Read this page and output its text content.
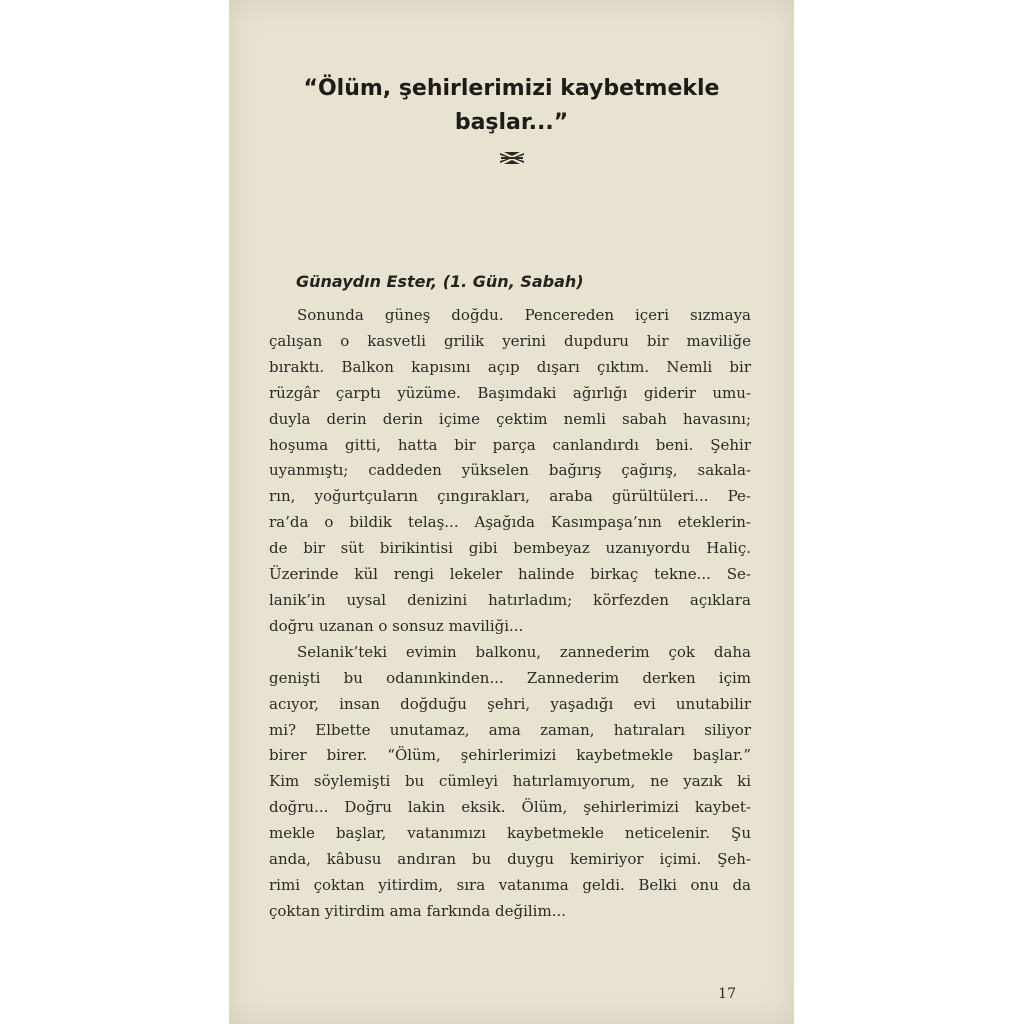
“Ölüm, şehirlerimizi kaybetmekle
başlar...”
Günaydın Ester, (1. Gün, Sabah)
Sonunda güneş doğdu. Pencereden içeri sızmaya
çalışan o kasvetli grilik yerini dupduru bir maviliğe
bıraktı. Balkon kapısını açıp dışarı çıktım. Nemli bir
rüzgâr çarptı yüzüme. Başımdaki ağırlığı giderir umu-
duyla derin derin içime çektim nemli sabah havasını;
hoşuma gitti, hatta bir parça canlandırdı beni. Şehir
uyanmıştı; caddeden yükselen bağırış çağırış, sakala-
rın, yoğurtçuların çıngırakları, araba gürültüleri... Pe-
ra’da o bildik telaş... Aşağıda Kasımpaşa’nın eteklerin-
de bir süt birikintisi gibi bembeyaz uzanıyordu Haliç.
Üzerinde kül rengi lekeler halinde birkaç tekne... Se-
lanik’in uysal denizini hatırladım; körfezden açıklara
doğru uzanan o sonsuz maviliği...
Selanik’teki evimin balkonu, zannederim çok daha
genişti bu odanınkinden... Zannederim derken içim
acıyor, insan doğduğu şehri, yaşadığı evi unutabilir
mi? Elbette unutamaz, ama zaman, hatıraları siliyor
birer birer. “Ölüm, şehirlerimizi kaybetmekle başlar.”
Kim söylemişti bu cümleyi hatırlamıyorum, ne yazık ki
doğru... Doğru lakin eksik. Ölüm, şehirlerimizi kaybet-
mekle başlar, vatanımızı kaybetmekle neticelenir. Şu
anda, kâbusu andıran bu duygu kemiriyor içimi. Şeh-
rimi çoktan yitirdim, sıra vatanıma geldi. Belki onu da
çoktan yitirdim ama farkında değilim...
17
